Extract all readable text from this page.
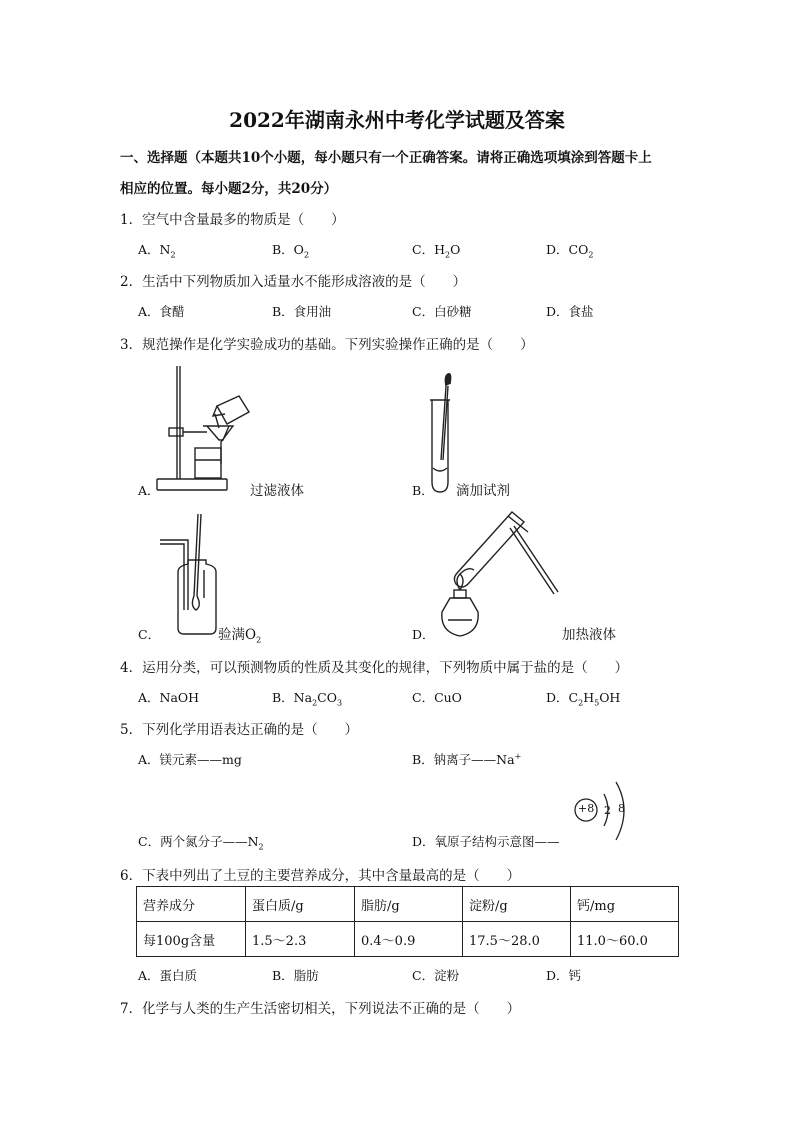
2022年湖南永州中考化学试题及答案
一、选择题（本题共10个小题，每小题只有一个正确答案。请将正确选项填涂到答题卡上
相应的位置。每小题2分，共20分）
1．空气中含量最多的物质是（　　）
A．$N_2$	B．$O_2$	C．$H_2O$	D．$CO_2$
2．生活中下列物质加入适量水不能形成溶液的是（　　）
A．食醋	B．食用油	C．白砂糖	D．食盐
3．规范操作是化学实验成功的基础。下列实验操作正确的是（　　）
A．	过滤液体	B． 滴加试剂
C．	验满$O_2$	D．	加热液体
4．运用分类，可以预测物质的性质及其变化的规律，下列物质中属于盐的是（　　）
A．NaOH	B．$Na_2CO_3$	C．CuO	D．$C_2H_5OH$
5．下列化学用语表达正确的是（　　）
A．镁元素——mg	B．钠离子——Na+
C．两个氮分子$——N_2$	D．氧原子结构示意图——
+8 2 8
6．下表中列出了土豆的主要营养成分，其中含量最高的是（　　）
营养成分	蛋白质/g	脂肪/g	淀粉/g	钙/mg
每100g含量	1.5～2.3	0.4～0.9	17.5～28.0	11.0～60.0
A．蛋白质	B．脂肪	C．淀粉	D．钙
7．化学与人类的生产生活密切相关，下列说法不正确的是（　　）
